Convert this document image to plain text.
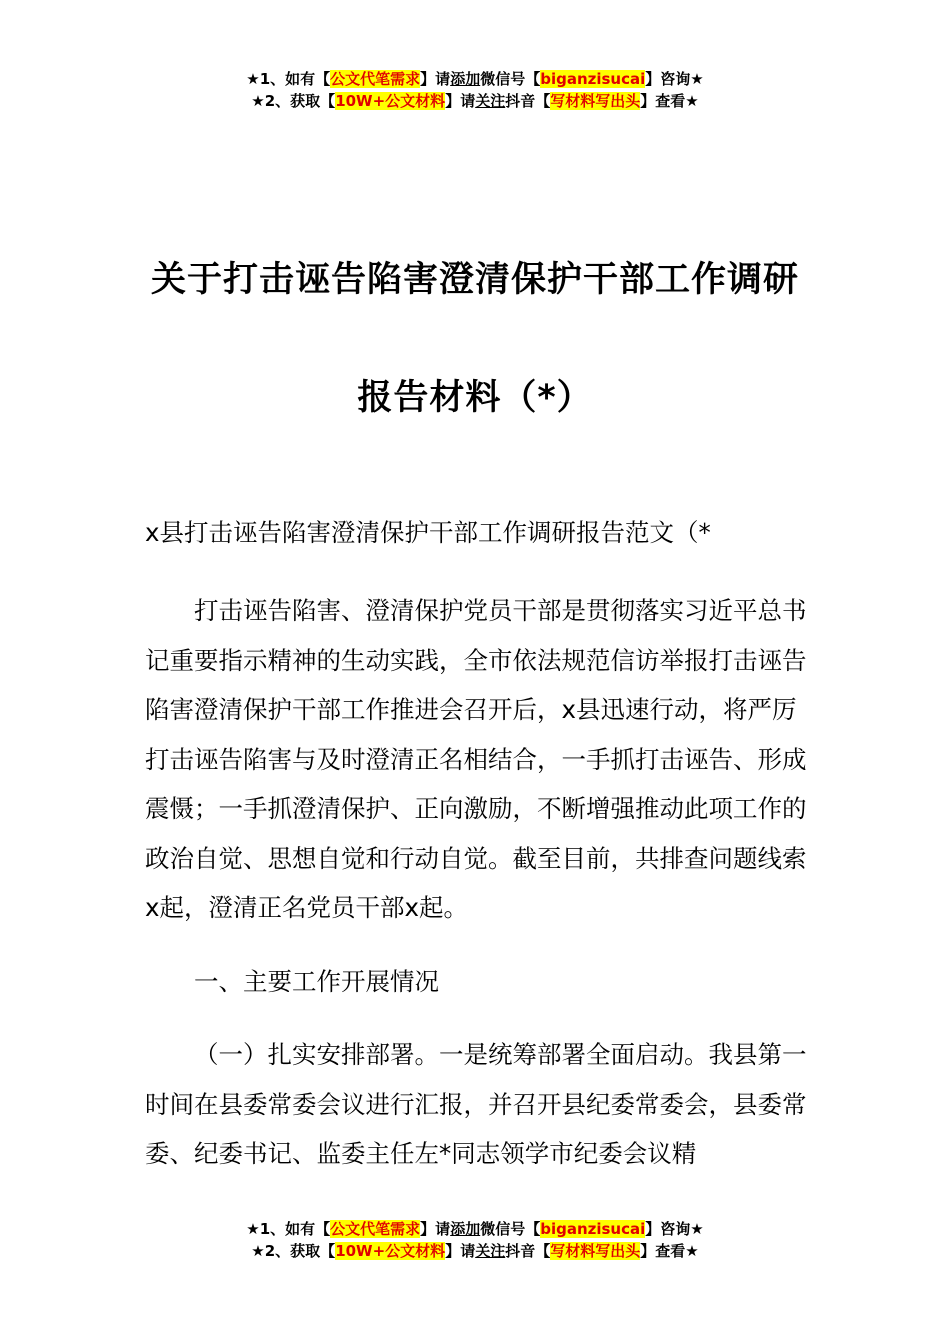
★1、如有【公文代笔需求】请添加微信号【biganzisucai】咨询★
★2、获取【10W+公文材料】请关注抖音【写材料写出头】查看★
关于打击诬告陷害澄清保护干部工作调研
报告材料（*）
x县打击诬告陷害澄清保护干部工作调研报告范文（*
打击诬告陷害、澄清保护党员干部是贯彻落实习近平总书记重要指示精神的生动实践，全市依法规范信访举报打击诬告陷害澄清保护干部工作推进会召开后，x县迅速行动，将严厉打击诬告陷害与及时澄清正名相结合，一手抓打击诬告、形成震慑；一手抓澄清保护、正向激励，不断增强推动此项工作的政治自觉、思想自觉和行动自觉。截至目前，共排查问题线索x起，澄清正名党员干部x起。
一、主要工作开展情况
（一）扎实安排部署。一是统筹部署全面启动。我县第一时间在县委常委会议进行汇报，并召开县纪委常委会，县委常委、纪委书记、监委主任左*同志领学市纪委会议精
★1、如有【公文代笔需求】请添加微信号【biganzisucai】咨询★
★2、获取【10W+公文材料】请关注抖音【写材料写出头】查看★
